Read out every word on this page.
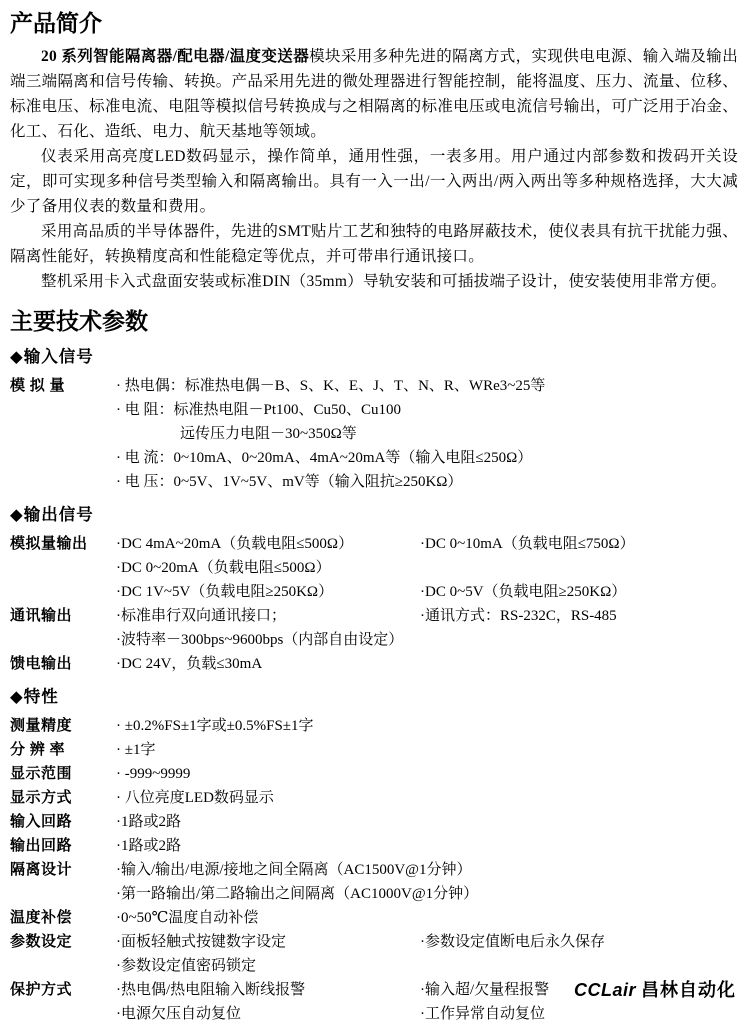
产品简介

20 系列智能隔离器/配电器/温度变送器模块采用多种先进的隔离方式，实现供电电源、输入端及输出端三端隔离和信号传输、转换。产品采用先进的微处理器进行智能控制，能将温度、压力、流量、位移、标准电压、标准电流、电阻等模拟信号转换成与之相隔离的标准电压或电流信号输出，可广泛用于冶金、化工、石化、造纸、电力、航天基地等领域。

仪表采用高亮度LED数码显示，操作简单，通用性强，一表多用。用户通过内部参数和拨码开关设定，即可实现多种信号类型输入和隔离输出。具有一入一出/一入两出/两入两出等多种规格选择，大大减少了备用仪表的数量和费用。

采用高品质的半导体器件，先进的SMT贴片工艺和独特的电路屏蔽技术，使仪表具有抗干扰能力强、隔离性能好，转换精度高和性能稳定等优点，并可带串行通讯接口。

整机采用卡入式盘面安装或标准DIN（35mm）导轨安装和可插拔端子设计，使安装使用非常方便。

主要技术参数
◆输入信号
模 拟 量	· 热电偶：标准热电偶－B、S、K、E、J、T、N、R、WRe3~25等
· 电 阻：标准热电阻－Pt100、Cu50、Cu100
远传压力电阻－30~350Ω等
· 电 流：0~10mA、0~20mA、4mA~20mA等（输入电阻≤250Ω）
· 电 压：0~5V、1V~5V、mV等（输入阻抗≥250KΩ）
◆输出信号
模拟量输出	·DC 4mA~20mA（负载电阻≤500Ω）	·DC 0~10mA（负载电阻≤750Ω）
·DC 0~20mA（负载电阻≤500Ω）
·DC 1V~5V（负载电阻≥250KΩ）	·DC 0~5V（负载电阻≥250KΩ）
通讯输出	·标准串行双向通讯接口；	·通讯方式：RS-232C，RS-485
·波特率－300bps~9600bps（内部自由设定）
馈电输出	·DC 24V，负载≤30mA
◆特性
测量精度	· ±0.2%FS±1字或±0.5%FS±1字
分 辨 率	· ±1字
显示范围	· -999~9999
显示方式	· 八位亮度LED数码显示
输入回路	·1路或2路
输出回路	·1路或2路
隔离设计	·输入/输出/电源/接地之间全隔离（AC1500V@1分钟）
·第一路输出/第二路输出之间隔离（AC1000V@1分钟）
温度补偿	·0~50℃温度自动补偿
参数设定	·面板轻触式按键数字设定	·参数设定值断电后永久保存
·参数设定值密码锁定
保护方式	·热电偶/热电阻输入断线报警	·输入超/欠量程报警
·电源欠压自动复位	·工作异常自动复位
CCLair 昌林自动化
